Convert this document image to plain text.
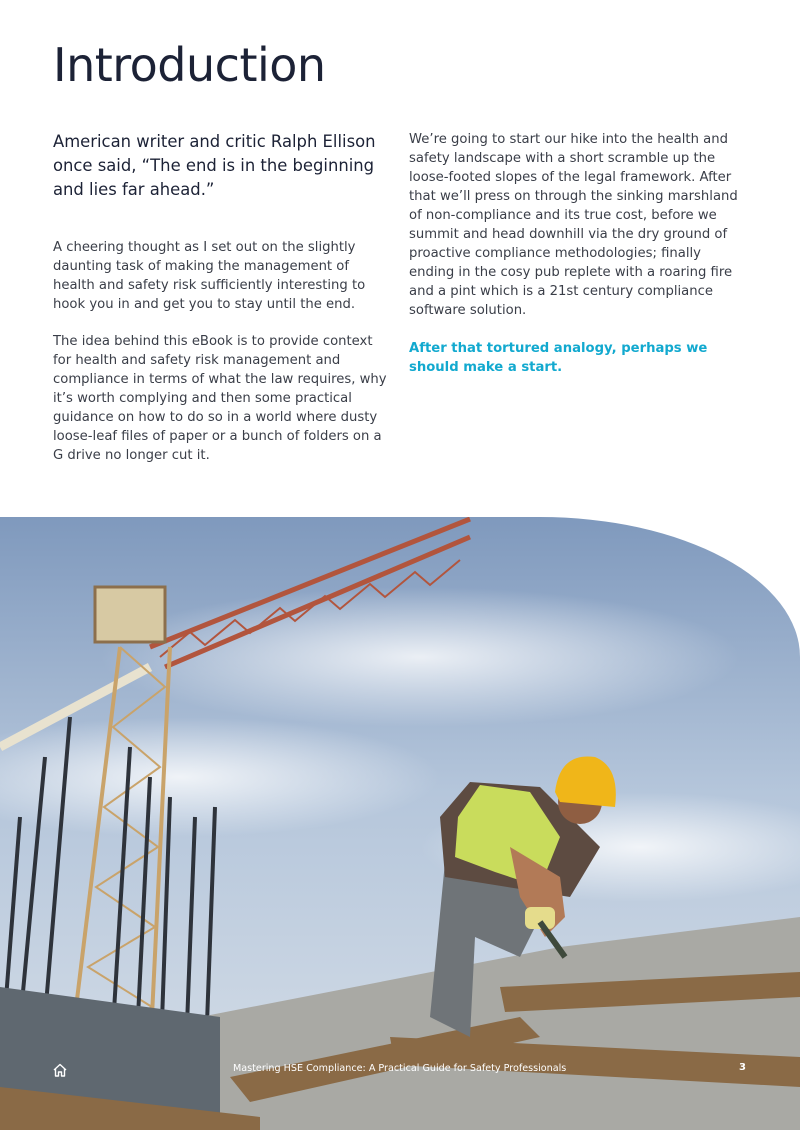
Introduction

American writer and critic Ralph Ellison once said, “The end is in the beginning and lies far ahead.”

A cheering thought as I set out on the slightly daunting task of making the management of health and safety risk sufficiently interesting to hook you in and get you to stay until the end.

The idea behind this eBook is to provide context for health and safety risk management and compliance in terms of what the law requires, why it’s worth complying and then some practical guidance on how to do so in a world where dusty loose-leaf files of paper or a bunch of folders on a G drive no longer cut it.

We’re going to start our hike into the health and safety landscape with a short scramble up the loose-footed slopes of the legal framework. After that we’ll press on through the sinking marshland of non-compliance and its true cost, before we summit and head downhill via the dry ground of proactive compliance methodologies; finally ending in the cosy pub replete with a roaring fire and a pint which is a 21st century compliance software solution.

After that tortured analogy, perhaps we should make a start.

Mastering HSE Compliance: A Practical Guide for Safety Professionals	3
